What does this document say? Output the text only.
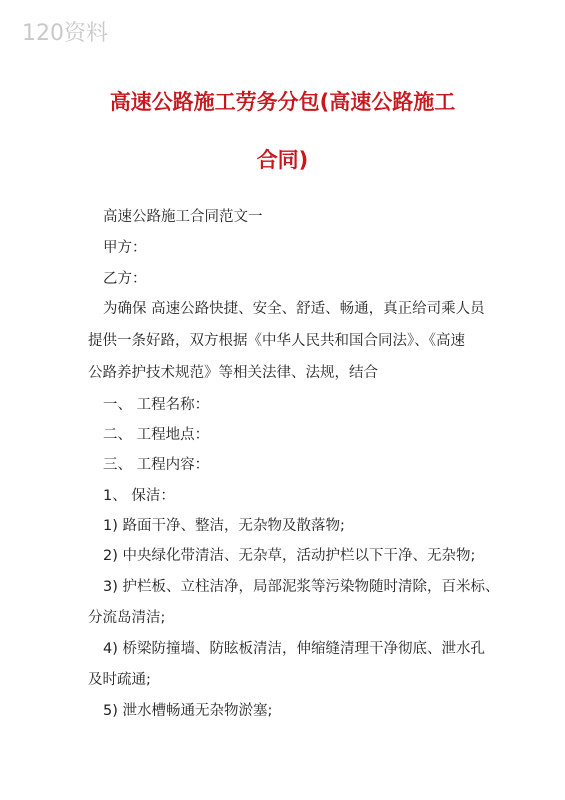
120资料
高速公路施工劳务分包(高速公路施工
合同)
高速公路施工合同范文一
甲方：
乙方：
为确保 高速公路快捷、安全、舒适、畅通，真正给司乘人员
提供一条好路，双方根据《中华人民共和国合同法》、《高速
公路养护技术规范》等相关法律、法规，结合
一、 工程名称：
二、 工程地点：
三、 工程内容：
1、 保洁：
1) 路面干净、整洁，无杂物及散落物;
2) 中央绿化带清洁、无杂草，活动护栏以下干净、无杂物;
3) 护栏板、立柱洁净，局部泥浆等污染物随时清除，百米标、
分流岛清洁;
4) 桥梁防撞墙、防眩板清洁，伸缩缝清理干净彻底、泄水孔
及时疏通;
5) 泄水槽畅通无杂物淤塞;
